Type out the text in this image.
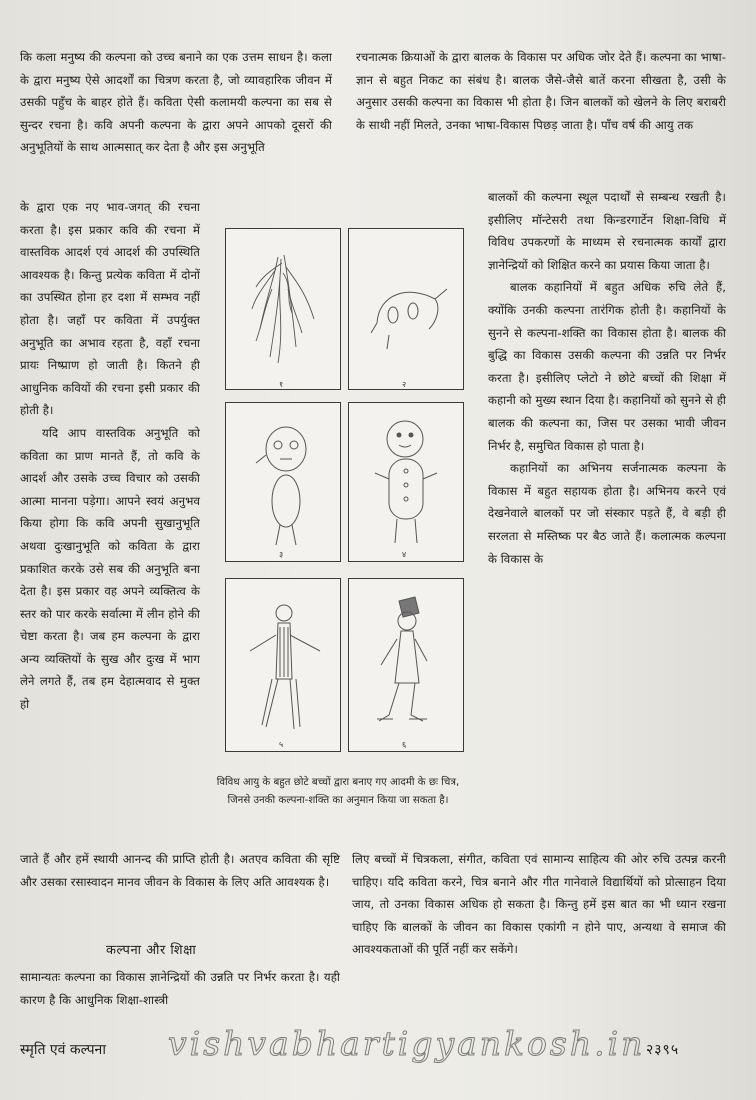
कि कला मनुष्य की कल्पना को उच्च बनाने का एक उत्तम साधन है। कला के द्वारा मनुष्य ऐसे आदर्शों का चित्रण करता है, जो व्यावहारिक जीवन में उसकी पहुँच के बाहर होते हैं। कविता ऐसी कलामयी कल्पना का सब से सुन्दर रचना है। कवि अपनी कल्पना के द्वारा अपने आपको दूसरों की अनुभूतियों के साथ आत्मसात् कर देता है और इस अनुभूति

रचनात्मक क्रियाओं के द्वारा बालक के विकास पर अधिक जोर देते हैं। कल्पना का भाषा-ज्ञान से बहुत निकट का संबंध है। बालक जैसे-जैसे बातें करना सीखता है, उसी के अनुसार उसकी कल्पना का विकास भी होता है। जिन बालकों को खेलने के लिए बराबरी के साथी नहीं मिलते, उनका भाषा-विकास पिछड़ जाता है। पाँच वर्ष की आयु तक

के द्वारा एक नए भाव-जगत् की रचना करता है। इस प्रकार कवि की रचना में वास्तविक आदर्श एवं आदर्श की उपस्थिति आवश्यक है। किन्तु प्रत्येक कविता में दोनों का उपस्थित होना हर दशा में सम्भव नहीं होता है। जहाँ पर कविता में उपर्युक्त अनुभूति का अभाव रहता है, वहाँ रचना प्रायः निष्प्राण हो जाती है। कितने ही आधुनिक कवियों की रचना इसी प्रकार की होती है।

यदि आप वास्तविक अनुभूति को कविता का प्राण मानते हैं, तो कवि के आदर्श और उसके उच्च विचार को उसकी आत्मा मानना पड़ेगा। आपने स्वयं अनुभव किया होगा कि कवि अपनी सुखानुभूति अथवा दुःखानुभूति को कविता के द्वारा प्रकाशित करके उसे सब की अनुभूति बना देता है। इस प्रकार वह अपने व्यक्तित्व के स्तर को पार करके सर्वात्मा में लीन होने की चेष्टा करता है। जब हम कल्पना के द्वारा अन्य व्यक्तियों के सुख और दुःख में भाग लेने लगते हैं, तब हम देहात्मवाद से मुक्त हो

१	२
३	४
५	६
विविध आयु के बहुत छोटे बच्चों द्वारा बनाए गए आदमी के छः चित्र, जिनसे उनकी कल्पना-शक्ति का अनुमान किया जा सकता है।

बालकों की कल्पना स्थूल पदार्थों से सम्बन्ध रखती है। इसीलिए मॉन्टेसरी तथा किन्डरगार्टेन शिक्षा-विधि में विविध उपकरणों के माध्यम से रचनात्मक कार्यों द्वारा ज्ञानेन्द्रियों को शिक्षित करने का प्रयास किया जाता है।

बालक कहानियों में बहुत अधिक रुचि लेते हैं, क्योंकि उनकी कल्पना तारंगिक होती है। कहानियों के सुनने से कल्पना-शक्ति का विकास होता है। बालक की बुद्धि का विकास उसकी कल्पना की उन्नति पर निर्भर करता है। इसीलिए प्लेटो ने छोटे बच्चों की शिक्षा में कहानी को मुख्य स्थान दिया है। कहानियों को सुनने से ही बालक की कल्पना का, जिस पर उसका भावी जीवन निर्भर है, समुचित विकास हो पाता है।

कहानियों का अभिनय सर्जनात्मक कल्पना के विकास में बहुत सहायक होता है। अभिनय करने एवं देखनेवाले बालकों पर जो संस्कार पड़ते हैं, वे बड़ी ही सरलता से मस्तिष्क पर बैठ जाते हैं। कलात्मक कल्पना के विकास के

जाते हैं और हमें स्थायी आनन्द की प्राप्ति होती है। अतएव कविता की सृष्टि और उसका रसास्वादन मानव जीवन के विकास के लिए अति आवश्यक है।

कल्पना और शिक्षा

सामान्यतः कल्पना का विकास ज्ञानेन्द्रियों की उन्नति पर निर्भर करता है। यही कारण है कि आधुनिक शिक्षा-शास्त्री

लिए बच्चों में चित्रकला, संगीत, कविता एवं सामान्य साहित्य की ओर रुचि उत्पन्न करनी चाहिए। यदि कविता करने, चित्र बनाने और गीत गानेवाले विद्यार्थियों को प्रोत्साहन दिया जाय, तो उनका विकास अधिक हो सकता है। किन्तु हमें इस बात का भी ध्यान रखना चाहिए कि बालकों के जीवन का विकास एकांगी न होने पाए, अन्यथा वे समाज की आवश्यकताओं की पूर्ति नहीं कर सकेंगे।

स्मृति एवं कल्पना vishvabhartigyankosh.in २३९५
